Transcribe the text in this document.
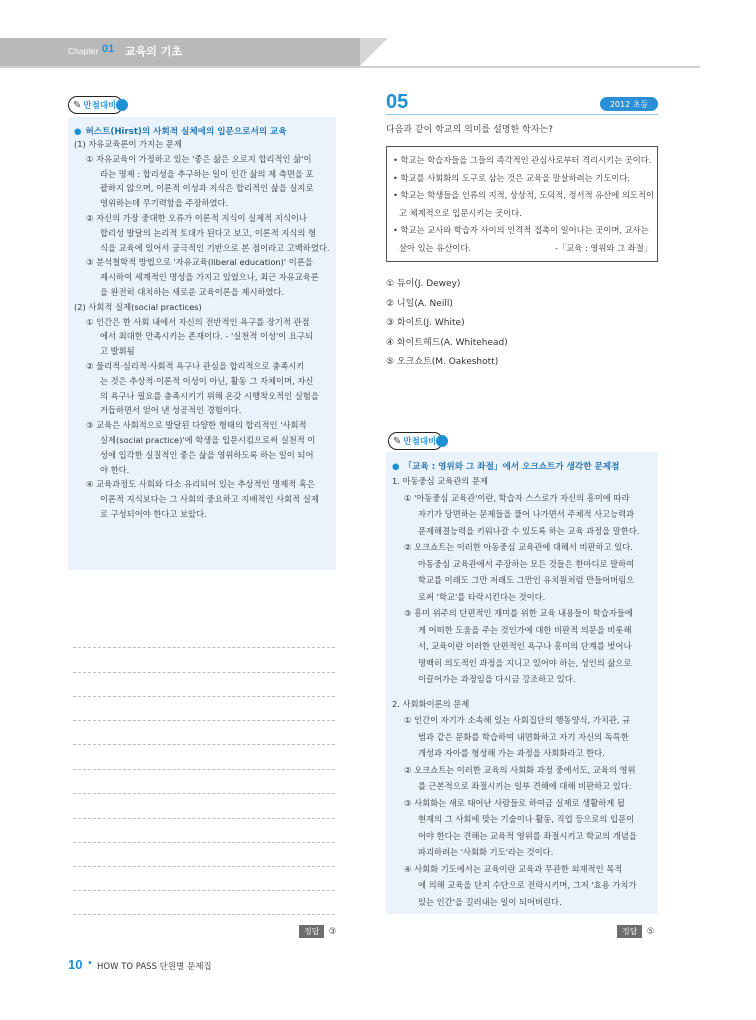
Chapter 01 교육의 기초
✎ 만점대비
● 허스트(Hirst)의 사회적 실체에의 입문으로서의 교육
(1) 자유교육론이 가지는 문제
① 자유교육이 가정하고 있는 '좋은 삶은 오로지 합리적인 삶'이
라는 명제 : 합리성을 추구하는 일이 인간 삶의 제 측면을 포
괄하지 않으며, 이론적 이성과 지식은 합리적인 삶을 실지로
영위하는데 무기력함을 주장하였다.
② 자신의 가장 중대한 오류가 이론적 지식이 실제적 지식이나
합리성 발달의 논리적 토대가 된다고 보고, 이론적 지식의 형
식을 교육에 있어서 궁극적인 기반으로 본 점이라고 고백하였다.
③ 분석철학적 방법으로 '자유교육(liberal education)' 이론을
제시하여 세계적인 명성을 가지고 있었으나, 최근 자유교육론
을 완전히 대치하는 새로운 교육이론을 제시하였다.
(2) 사회적 실제(social practices)
① 인간은 한 사회 내에서 자신의 전반적인 욕구를 장기적 관점
에서 최대한 만족시키는 존재이다. - '실천적 이성'이 요구되
고 발휘됨
② 물리적·심리적·사회적 욕구나 관심을 합리적으로 충족시키
는 것은 추상적·이론적 이성이 아닌, 활동 그 자체이며, 자신
의 욕구나 필요를 충족시키기 위해 온갖 시행착오적인 실험을
거듭하면서 얻어 낸 성공적인 경험이다.
③ 교육은 사회적으로 발달된 다양한 형태의 합리적인 '사회적
실제(social practice)'에 학생을 입문시킴으로써 실천적 이
성에 입각한 실질적인 좋은 삶을 영위하도록 하는 일이 되어
야 한다.
④ 교육과정도 사회와 다소 유리되어 있는 추상적인 명제적 혹은
이론적 지식보다는 그 사회의 중요하고 지배적인 사회적 실제
로 구성되어야 한다고 보았다.
정답	③
05	2012 초등
다음과 같이 학교의 의미를 설명한 학자는?
• 학교는 학습자들을 그들의 즉각적인 관심사로부터 격리시키는 곳이다.
• 학교를 사회화의 도구로 삼는 것은 교육을 말살하려는 기도이다.
• 학교는 학생들을 인류의 지적, 상상적, 도덕적, 정서적 유산에 의도적이
고 체계적으로 입문시키는 곳이다.
• 학교는 교사와 학습자 사이의 인격적 접촉이 일어나는 곳이며, 교사는
살아 있는 유산이다.	-「교육 : 영위와 그 좌절」
① 듀이(J. Dewey)
② 니일(A. Neill)
③ 화이트(J. White)
④ 화이트헤드(A. Whitehead)
⑤ 오크쇼트(M. Oakeshott)
✎ 만점대비
● 「교육 : 영위와 그 좌절」에서 오크쇼트가 생각한 문제점
1. 아동중심 교육관의 문제
① '아동중심 교육관'이란, 학습자 스스로가 자신의 흥미에 따라
자기가 당면하는 문제들을 풀어 나가면서 주체적 사고능력과
문제해결능력을 키워나갈 수 있도록 하는 교육 과정을 말한다.
② 오크쇼트는 이러한 아동중심 교육관에 대해서 비판하고 있다.
아동중심 교육관에서 주장하는 모든 것들은 한마디로 말하여
학교를 이래도 그만 저래도 그만인 유치원처럼 만들어버림으
로써 '학교'를 타락시킨다는 것이다.
③ 흥미 위주의 단편적인 재미를 위한 교육 내용들이 학습자들에
게 어떠한 도움을 주는 것인가에 대한 비판적 의문을 비롯해
서, 교육이란 이러한 단편적인 욕구나 흥미의 단계를 벗어나
명백히 의도적인 과정을 지니고 있어야 하는, 성인의 삶으로
이끌어가는 과정임을 다시금 강조하고 있다.
2. 사회화이론의 문제
① 인간이 자기가 소속해 있는 사회집단의 행동양식, 가치관, 규
범과 같은 문화를 학습하여 내면화하고 자기 자신의 독특한
개성과 자아를 형성해 가는 과정을 사회화라고 한다.
② 오크쇼트는 이러한 교육의 사회화 과정 중에서도, 교육의 영위
를 근본적으로 좌절시키는 일부 견해에 대해 비판하고 있다.
③ 사회화는 새로 태어난 사람들로 하여금 실제로 생활하게 될
현재의 그 사회에 맞는 기술이나 활동, 직업 등으로의 입문이
어야 한다는 견해는 교육적 영위를 좌절시키고 학교의 개념을
파괴하려는 '사회화 기도'라는 것이다.
④ 사회화 기도에서는 교육이란 교육과 무관한 외재적인 목적
에 의해 교육을 단지 수단으로 전락시키며, 그저 '효용 가치가
있는 인간'을 길러내는 일이 되어버린다.
정답	⑤
10 • HOW TO PASS 단원별 문제집
